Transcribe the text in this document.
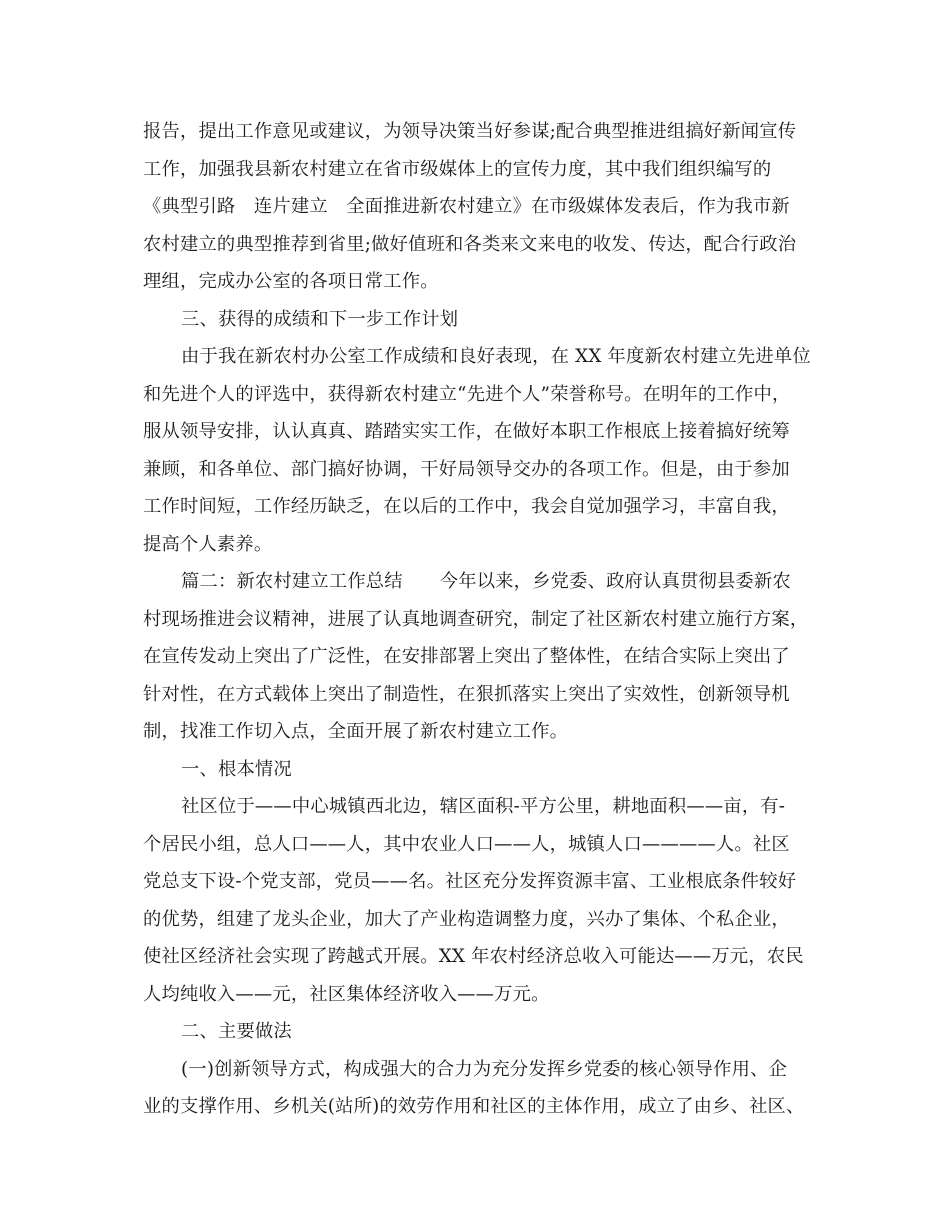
报告，提出工作意见或建议，为领导决策当好参谋;配合典型推进组搞好新闻宣传
工作，加强我县新农村建立在省市级媒体上的宣传力度，其中我们组织编写的
《典型引路　连片建立　全面推进新农村建立》在市级媒体发表后，作为我市新
农村建立的典型推荐到省里;做好值班和各类来文来电的收发、传达，配合行政治
理组，完成办公室的各项日常工作。
三、获得的成绩和下一步工作计划
由于我在新农村办公室工作成绩和良好表现，在 XX 年度新农村建立先进单位
和先进个人的评选中，获得新农村建立“先进个人”荣誉称号。在明年的工作中，
服从领导安排，认认真真、踏踏实实工作，在做好本职工作根底上接着搞好统筹
兼顾，和各单位、部门搞好协调，干好局领导交办的各项工作。但是，由于参加
工作时间短，工作经历缺乏，在以后的工作中，我会自觉加强学习，丰富自我，
提高个人素养。
篇二：新农村建立工作总结　　今年以来，乡党委、政府认真贯彻县委新农
村现场推进会议精神，进展了认真地调查研究，制定了社区新农村建立施行方案，
在宣传发动上突出了广泛性，在安排部署上突出了整体性，在结合实际上突出了
针对性，在方式载体上突出了制造性，在狠抓落实上突出了实效性，创新领导机
制，找准工作切入点，全面开展了新农村建立工作。
一、根本情况
社区位于——中心城镇西北边，辖区面积-平方公里，耕地面积——亩，有-
个居民小组，总人口——人，其中农业人口——人，城镇人口————人。社区
党总支下设-个党支部，党员——名。社区充分发挥资源丰富、工业根底条件较好
的优势，组建了龙头企业，加大了产业构造调整力度，兴办了集体、个私企业，
使社区经济社会实现了跨越式开展。XX 年农村经济总收入可能达——万元，农民
人均纯收入——元，社区集体经济收入——万元。
二、主要做法
(一)创新领导方式，构成强大的合力为充分发挥乡党委的核心领导作用、企
业的支撑作用、乡机关(站所)的效劳作用和社区的主体作用，成立了由乡、社区、
